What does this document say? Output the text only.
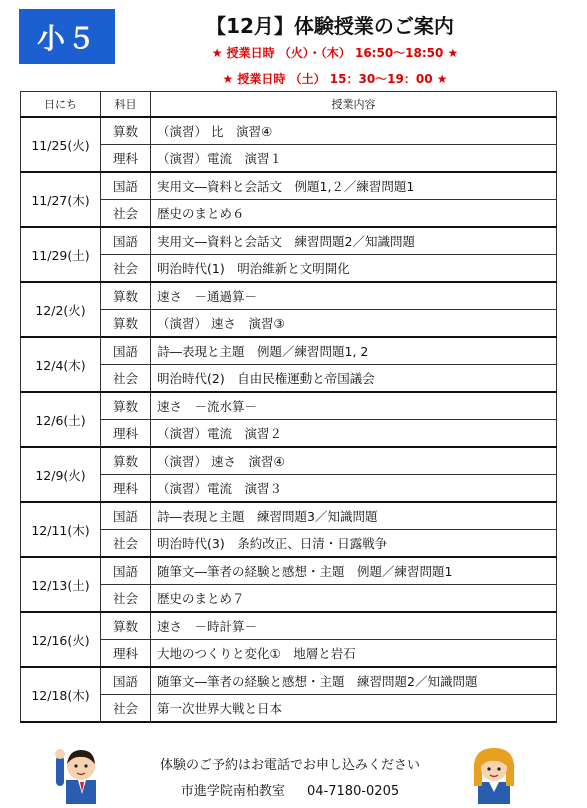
小５	【12月】体験授業のご案内
★ 授業日時 （火）・（木） 16:50～18:50 ★
★ 授業日時 （土） 15：30～19：00 ★
日にち	科目	授業内容
11/25(火)	算数	（演習） 比　演習④
	理科	（演習）電流　演習１
11/27(木)	国語	実用文―資料と会話文　例題1,２／練習問題1
	社会	歴史のまとめ６
11/29(土)	国語	実用文―資料と会話文　練習問題2／知識問題
	社会	明治時代(1)　明治維新と文明開化
12/2(火)	算数	速さ　－通過算－
	算数	（演習） 速さ　演習③
12/4(木)	国語	詩―表現と主題　例題／練習問題1, 2
	社会	明治時代(2)　自由民権運動と帝国議会
12/6(土)	算数	速さ　－流水算－
	理科	（演習）電流　演習２
12/9(火)	算数	（演習） 速さ　演習④
	理科	（演習）電流　演習３
12/11(木)	国語	詩―表現と主題　練習問題3／知識問題
	社会	明治時代(3)　条約改正、日清・日露戦争
12/13(土)	国語	随筆文―筆者の経験と感想・主題　例題／練習問題1
	社会	歴史のまとめ７
12/16(火)	算数	速さ　－時計算－
	理科	大地のつくりと変化①　地層と岩石
12/18(木)	国語	随筆文―筆者の経験と感想・主題　練習問題2／知識問題
	社会	第一次世界大戦と日本
体験のご予約はお電話でお申し込みください
市進学院南柏教室 04-7180-0205
